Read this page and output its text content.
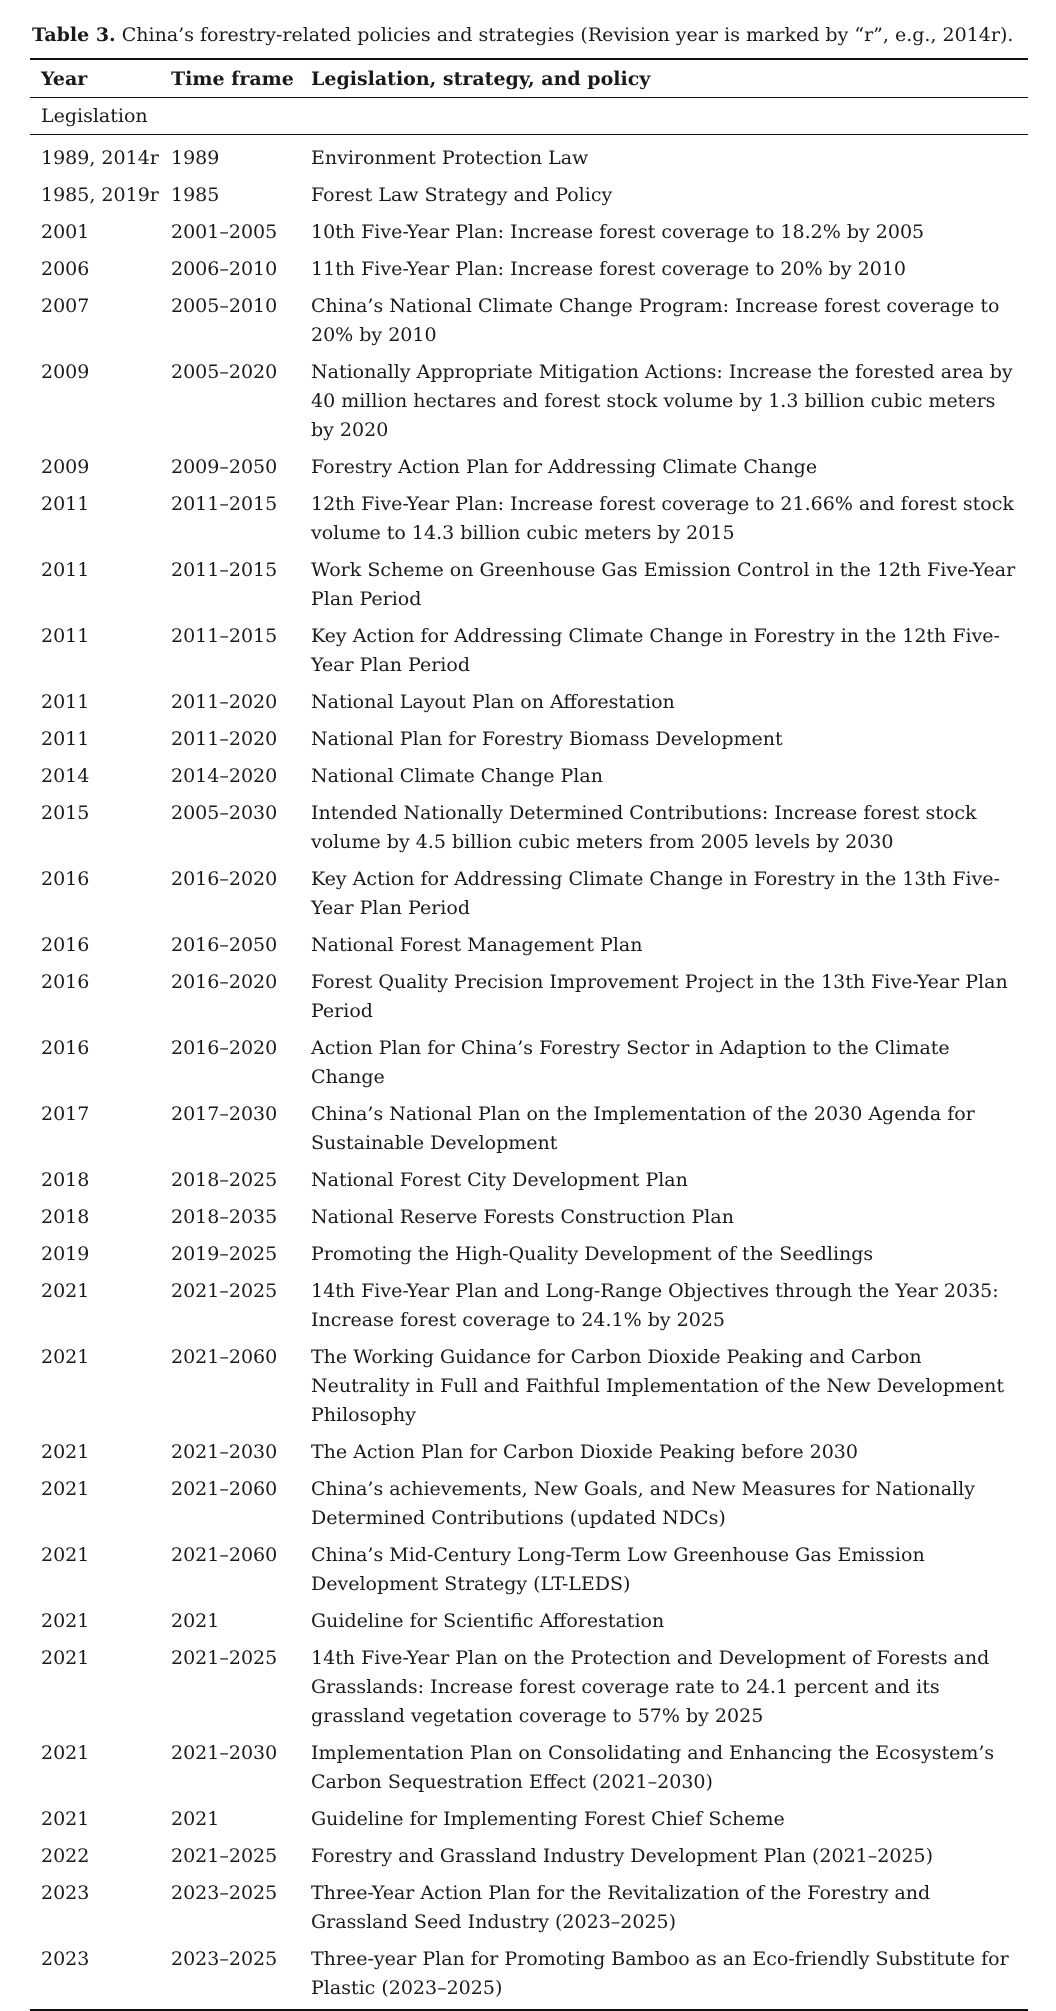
Table 3. China’s forestry-related policies and strategies (Revision year is marked by “r”, e.g., 2014r).
Year	Time frame	Legislation, strategy, and policy
Legislation		
1989, 2014r	1989	Environment Protection Law
1985, 2019r	1985	Forest Law Strategy and Policy
2001	2001–2005	10th Five-Year Plan: Increase forest coverage to 18.2% by 2005
2006	2006–2010	11th Five-Year Plan: Increase forest coverage to 20% by 2010
2007	2005–2010	China’s National Climate Change Program: Increase forest coverage to 20% by 2010
2009	2005–2020	Nationally Appropriate Mitigation Actions: Increase the forested area by 40 million hectares and forest stock volume by 1.3 billion cubic meters by 2020
2009	2009–2050	Forestry Action Plan for Addressing Climate Change
2011	2011–2015	12th Five-Year Plan: Increase forest coverage to 21.66% and forest stock volume to 14.3 billion cubic meters by 2015
2011	2011–2015	Work Scheme on Greenhouse Gas Emission Control in the 12th Five-Year Plan Period
2011	2011–2015	Key Action for Addressing Climate Change in Forestry in the 12th Five-Year Plan Period
2011	2011–2020	National Layout Plan on Afforestation
2011	2011–2020	National Plan for Forestry Biomass Development
2014	2014–2020	National Climate Change Plan
2015	2005–2030	Intended Nationally Determined Contributions: Increase forest stock volume by 4.5 billion cubic meters from 2005 levels by 2030
2016	2016–2020	Key Action for Addressing Climate Change in Forestry in the 13th Five-Year Plan Period
2016	2016–2050	National Forest Management Plan
2016	2016–2020	Forest Quality Precision Improvement Project in the 13th Five-Year Plan Period
2016	2016–2020	Action Plan for China’s Forestry Sector in Adaption to the Climate Change
2017	2017–2030	China’s National Plan on the Implementation of the 2030 Agenda for Sustainable Development
2018	2018–2025	National Forest City Development Plan
2018	2018–2035	National Reserve Forests Construction Plan
2019	2019–2025	Promoting the High-Quality Development of the Seedlings
2021	2021–2025	14th Five-Year Plan and Long-Range Objectives through the Year 2035: Increase forest coverage to 24.1% by 2025
2021	2021–2060	The Working Guidance for Carbon Dioxide Peaking and Carbon Neutrality in Full and Faithful Implementation of the New Development Philosophy
2021	2021–2030	The Action Plan for Carbon Dioxide Peaking before 2030
2021	2021–2060	China’s achievements, New Goals, and New Measures for Nationally Determined Contributions (updated NDCs)
2021	2021–2060	China’s Mid-Century Long-Term Low Greenhouse Gas Emission Development Strategy (LT-LEDS)
2021	2021	Guideline for Scientific Afforestation
2021	2021–2025	14th Five-Year Plan on the Protection and Development of Forests and Grasslands: Increase forest coverage rate to 24.1 percent and its grassland vegetation coverage to 57% by 2025
2021	2021–2030	Implementation Plan on Consolidating and Enhancing the Ecosystem’s Carbon Sequestration Effect (2021–2030)
2021	2021	Guideline for Implementing Forest Chief Scheme
2022	2021–2025	Forestry and Grassland Industry Development Plan (2021–2025)
2023	2023–2025	Three-Year Action Plan for the Revitalization of the Forestry and Grassland Seed Industry (2023–2025)
2023	2023–2025	Three-year Plan for Promoting Bamboo as an Eco-friendly Substitute for Plastic (2023–2025)
